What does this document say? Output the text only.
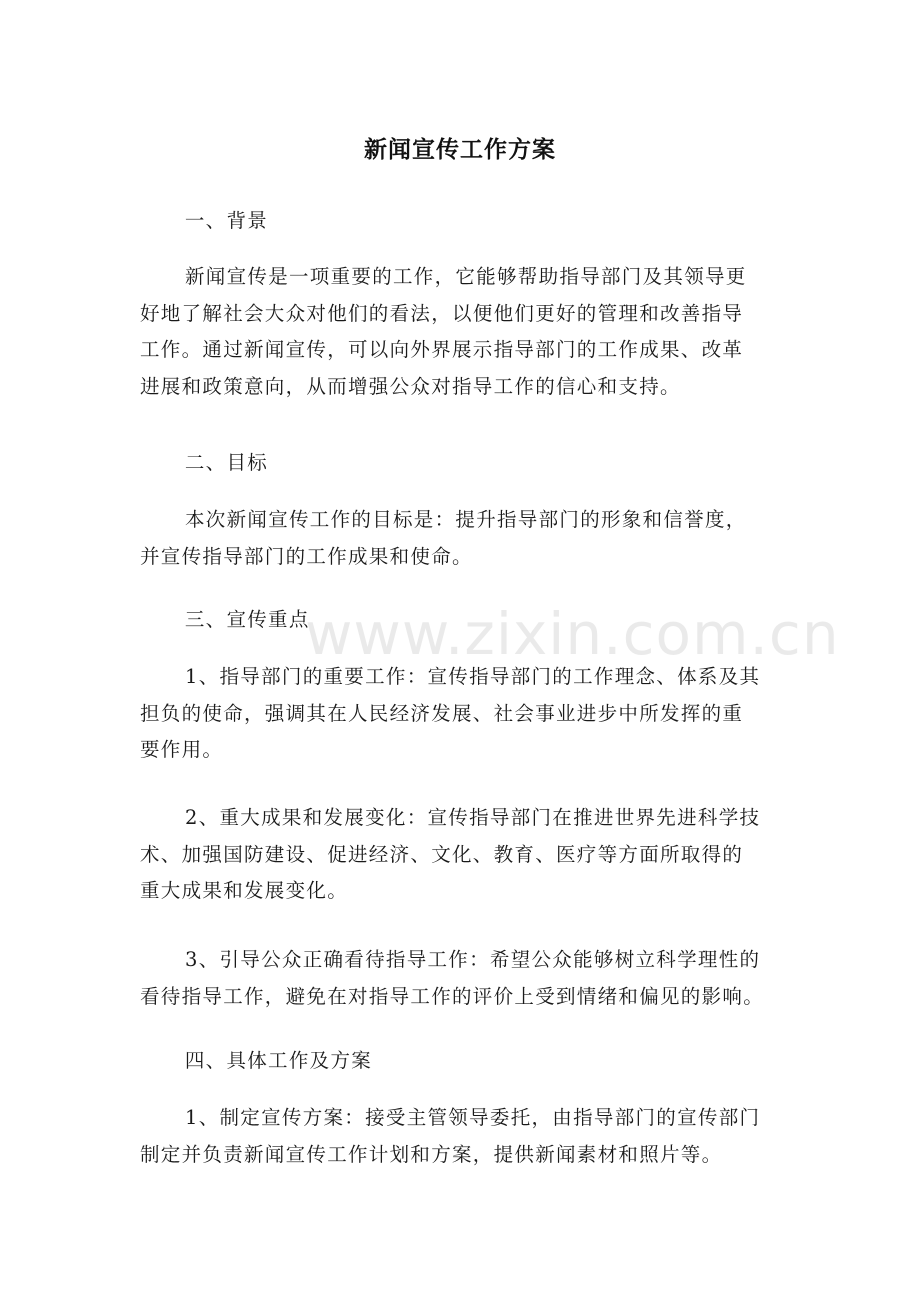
新闻宣传工作方案
一、背景
新闻宣传是一项重要的工作，它能够帮助指导部门及其领导更
好地了解社会大众对他们的看法，以便他们更好的管理和改善指导
工作。通过新闻宣传，可以向外界展示指导部门的工作成果、改革
进展和政策意向，从而增强公众对指导工作的信心和支持。
二、目标
本次新闻宣传工作的目标是：提升指导部门的形象和信誉度，
并宣传指导部门的工作成果和使命。
三、宣传重点
1、指导部门的重要工作：宣传指导部门的工作理念、体系及其
担负的使命，强调其在人民经济发展、社会事业进步中所发挥的重
要作用。
2、重大成果和发展变化：宣传指导部门在推进世界先进科学技
术、加强国防建设、促进经济、文化、教育、医疗等方面所取得的
重大成果和发展变化。
3、引导公众正确看待指导工作：希望公众能够树立科学理性的
看待指导工作，避免在对指导工作的评价上受到情绪和偏见的影响。
四、具体工作及方案
1、制定宣传方案：接受主管领导委托，由指导部门的宣传部门
制定并负责新闻宣传工作计划和方案，提供新闻素材和照片等。
www.zixin.com.cn
